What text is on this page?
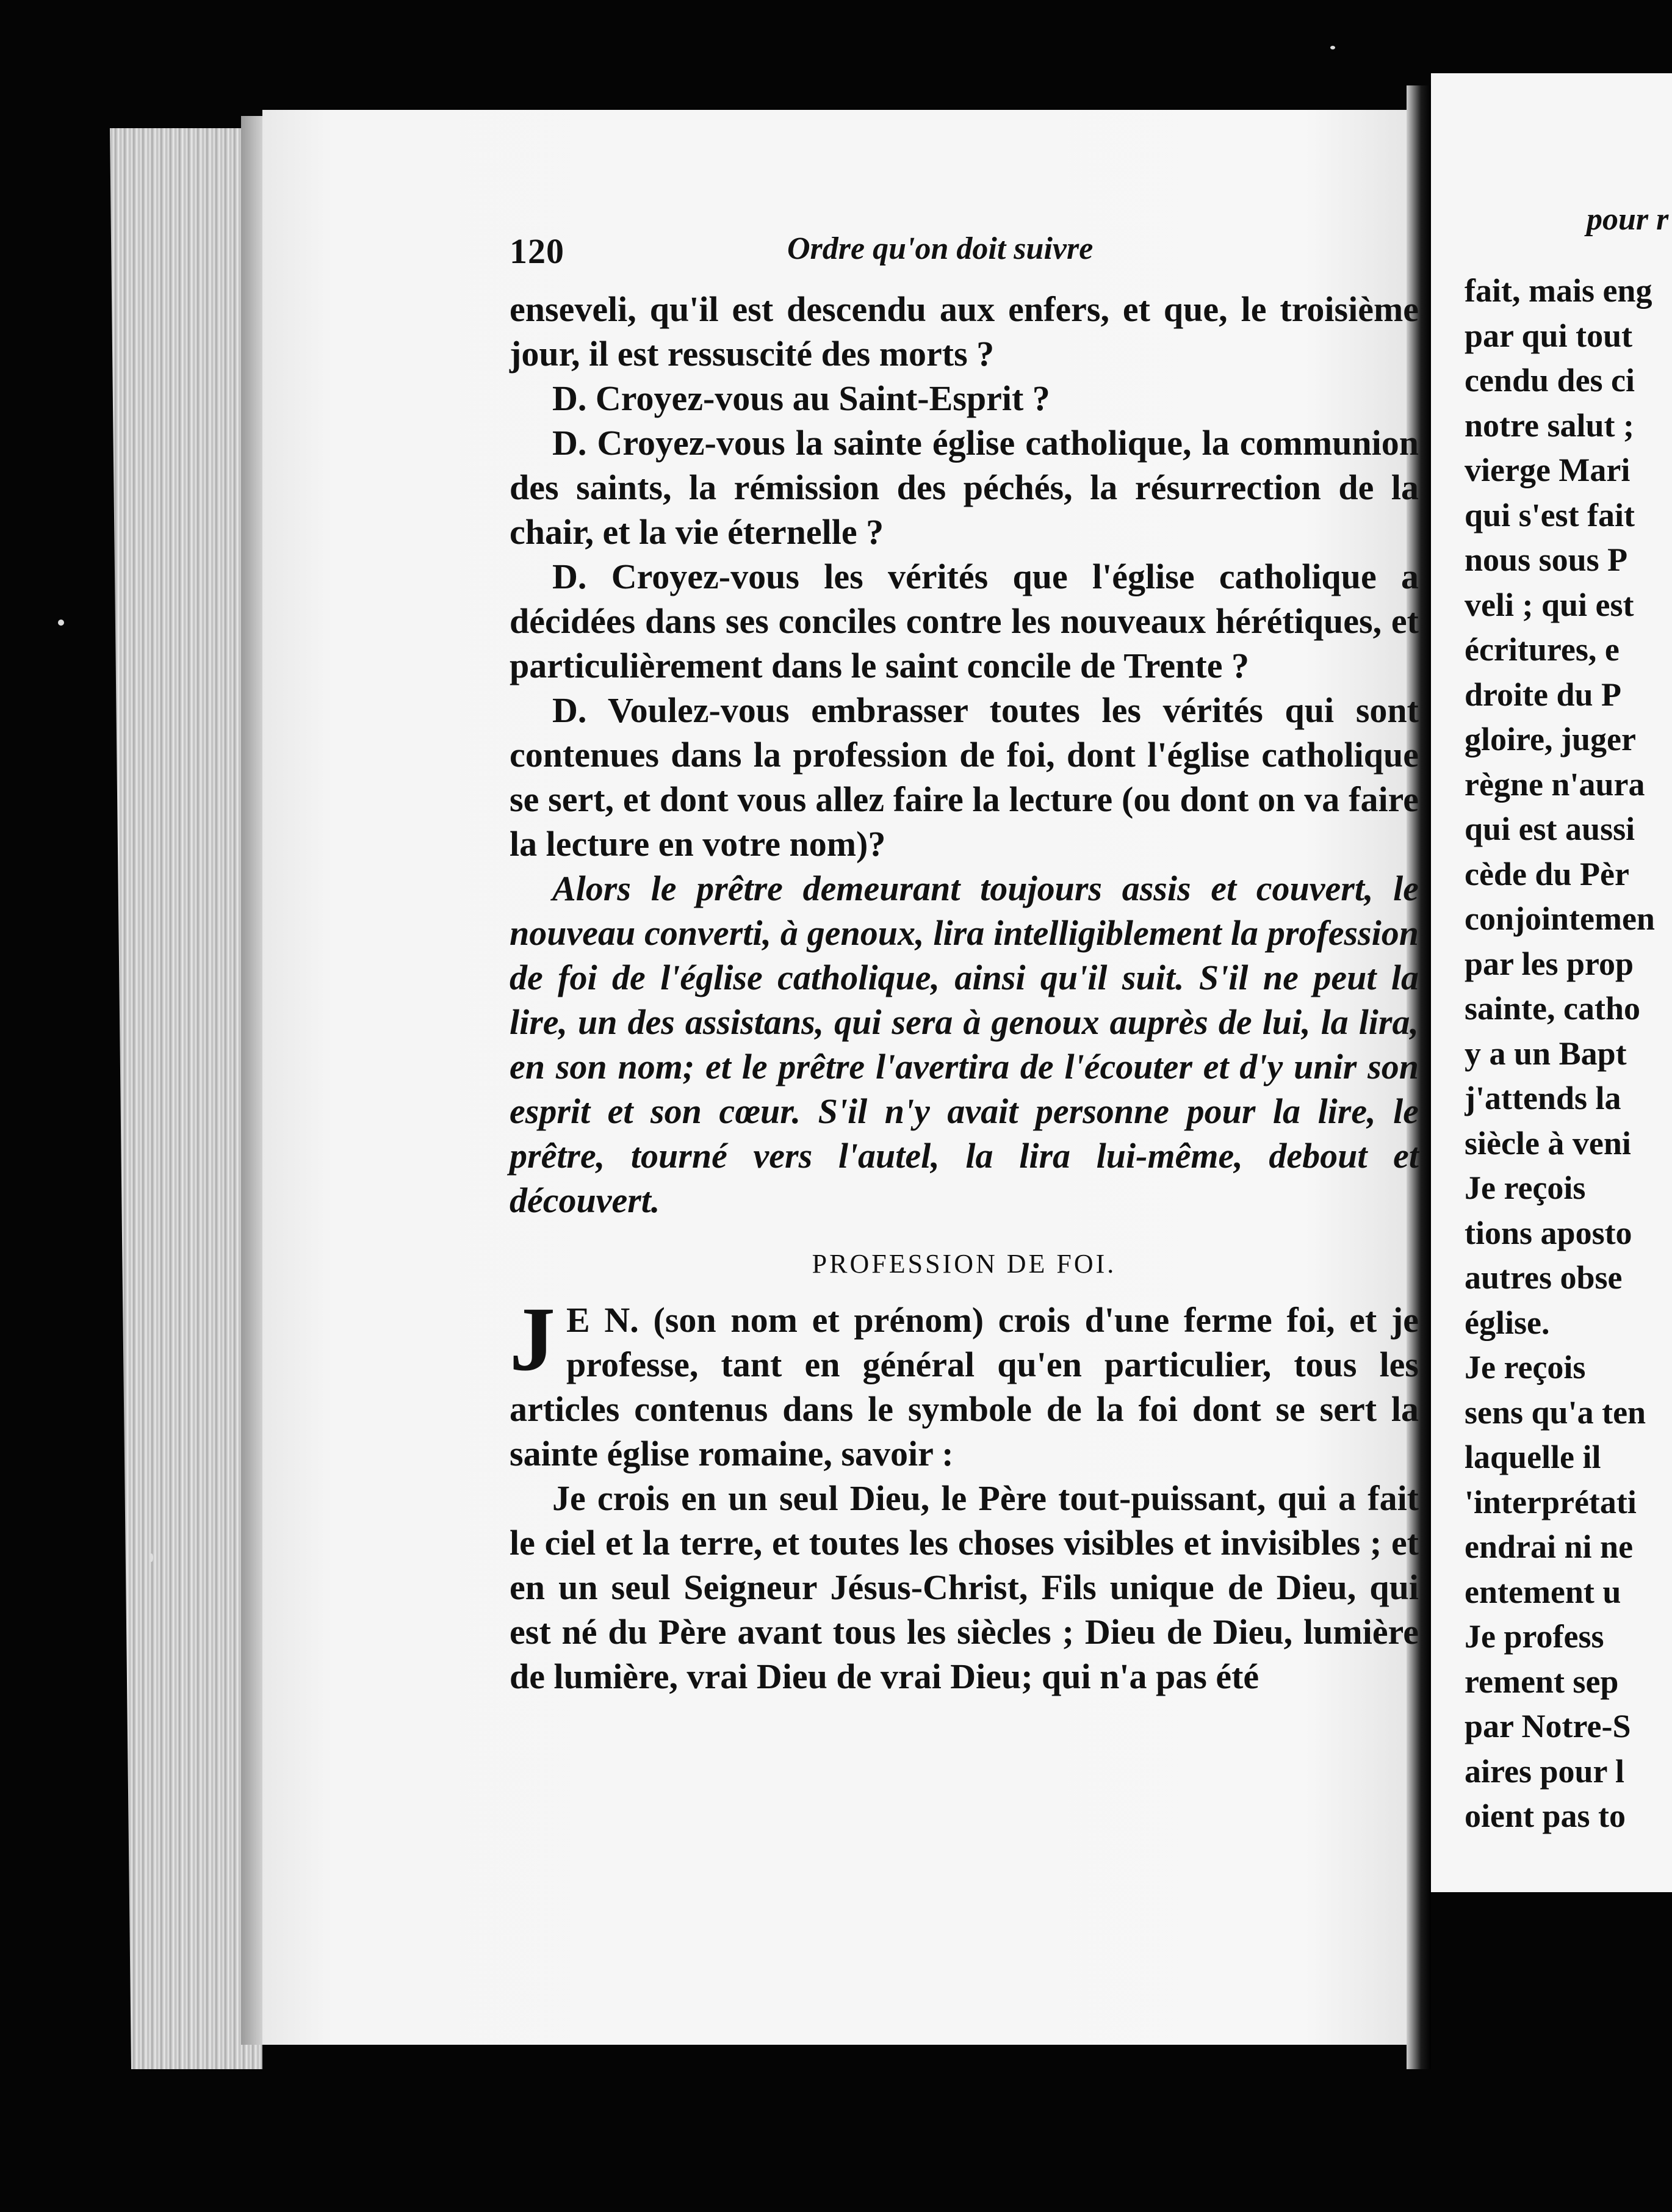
120	Ordre qu'on doit suivre

enseveli, qu'il est descendu aux enfers, et que, le troisième jour, il est ressuscité des morts ?

D. Croyez-vous au Saint-Esprit ?

D. Croyez-vous la sainte église catholique, la communion des saints, la rémission des péchés, la résurrection de la chair, et la vie éternelle ?

D. Croyez-vous les vérités que l'église catholique a décidées dans ses conciles contre les nouveaux hérétiques, et particulièrement dans le saint concile de Trente ?

D. Voulez-vous embrasser toutes les vérités qui sont contenues dans la profession de foi, dont l'église catholique se sert, et dont vous allez faire la lecture (ou dont on va faire la lecture en votre nom)?

Alors le prêtre demeurant toujours assis et couvert, le nouveau converti, à genoux, lira intelligiblement la profession de foi de l'église catholique, ainsi qu'il suit. S'il ne peut la lire, un des assistans, qui sera à genoux auprès de lui, la lira, en son nom; et le prêtre l'avertira de l'écouter et d'y unir son esprit et son cœur. S'il n'y avait personne pour la lire, le prêtre, tourné vers l'autel, la lira lui-même, debout et découvert.

PROFESSION DE FOI.

J E N. (son nom et prénom) crois d'une ferme foi, et je professe, tant en général qu'en particulier, tous les articles contenus dans le symbole de la foi dont se sert la sainte église romaine, savoir :

Je crois en un seul Dieu, le Père tout-puissant, qui a fait le ciel et la terre, et toutes les choses visibles et invisibles ; et en un seul Seigneur Jésus-Christ, Fils unique de Dieu, qui est né du Père avant tous les siècles ; Dieu de Dieu, lumière de lumière, vrai Dieu de vrai Dieu; qui n'a pas été

pour r
fait, mais eng
par qui tout
cendu des ci
notre salut ;
vierge Mari
qui s'est fait
nous sous P
veli ; qui est
écritures, e
droite du P
gloire, juger
règne n'aura
qui est aussi
cède du Pèr
conjointemen
par les prop
sainte, catho
y a un Bapt
j'attends la
siècle à veni
Je reçois
tions aposto
autres obse
église.
Je reçois
sens qu'a ten
laquelle il
'interprétati
endrai ni ne
entement u
Je profess
rement sep
par Notre-S
aires pour l
oient pas to
